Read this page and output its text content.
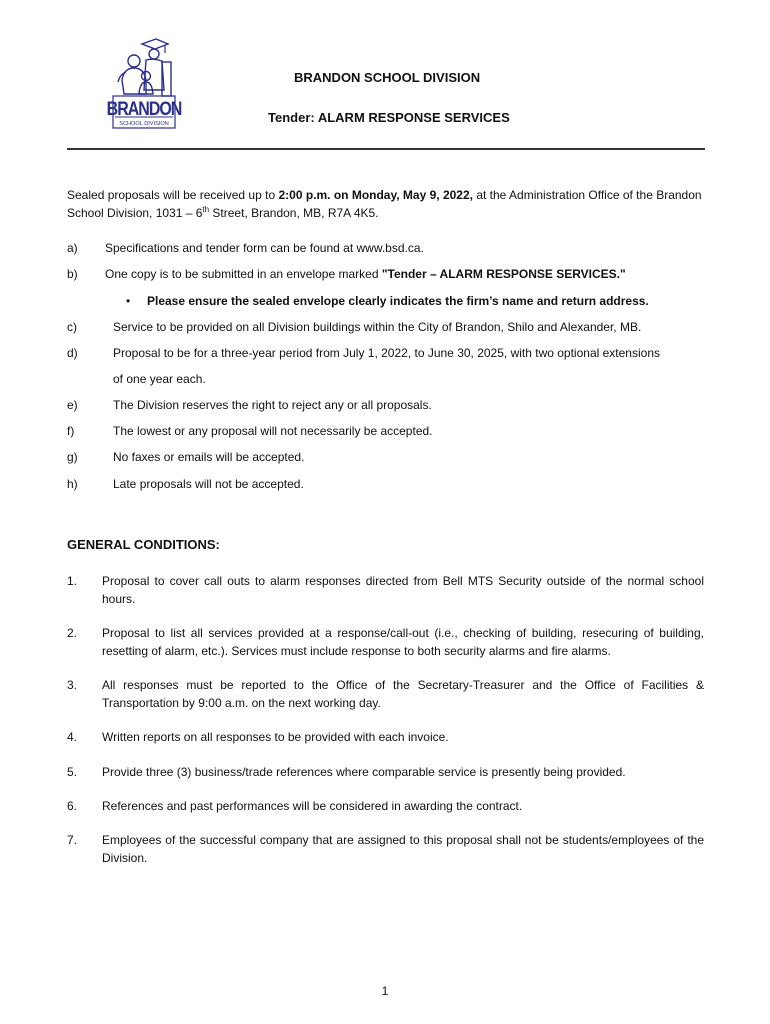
BRANDON
SCHOOL DIVISION
BRANDON SCHOOL DIVISION
Tender: ALARM RESPONSE SERVICES
Sealed proposals will be received up to 2:00 p.m. on Monday, May 9, 2022, at the Administration Office of the Brandon School Division, 1031 – 6th Street, Brandon, MB, R7A 4K5.
a) Specifications and tender form can be found at www.bsd.ca.
b) One copy is to be submitted in an envelope marked "Tender – ALARM RESPONSE SERVICES."
• Please ensure the sealed envelope clearly indicates the firm’s name and return address.
c)	Service to be provided on all Division buildings within the City of Brandon, Shilo and Alexander, MB.
d)	Proposal to be for a three-year period from July 1, 2022, to June 30, 2025, with two optional extensions
of one year each.
e)	The Division reserves the right to reject any or all proposals.
f)	The lowest or any proposal will not necessarily be accepted.
g)	No faxes or emails will be accepted.
h)	Late proposals will not be accepted.
GENERAL CONDITIONS:
1. Proposal to cover call outs to alarm responses directed from Bell MTS Security outside of the normal school hours.
2. Proposal to list all services provided at a response/call-out (i.e., checking of building, resecuring of building, resetting of alarm, etc.). Services must include response to both security alarms and fire alarms.
3. All responses must be reported to the Office of the Secretary-Treasurer and the Office of Facilities & Transportation by 9:00 a.m. on the next working day.
4. Written reports on all responses to be provided with each invoice.
5. Provide three (3) business/trade references where comparable service is presently being provided.
6. References and past performances will be considered in awarding the contract.
7. Employees of the successful company that are assigned to this proposal shall not be students/employees of the Division.
1
